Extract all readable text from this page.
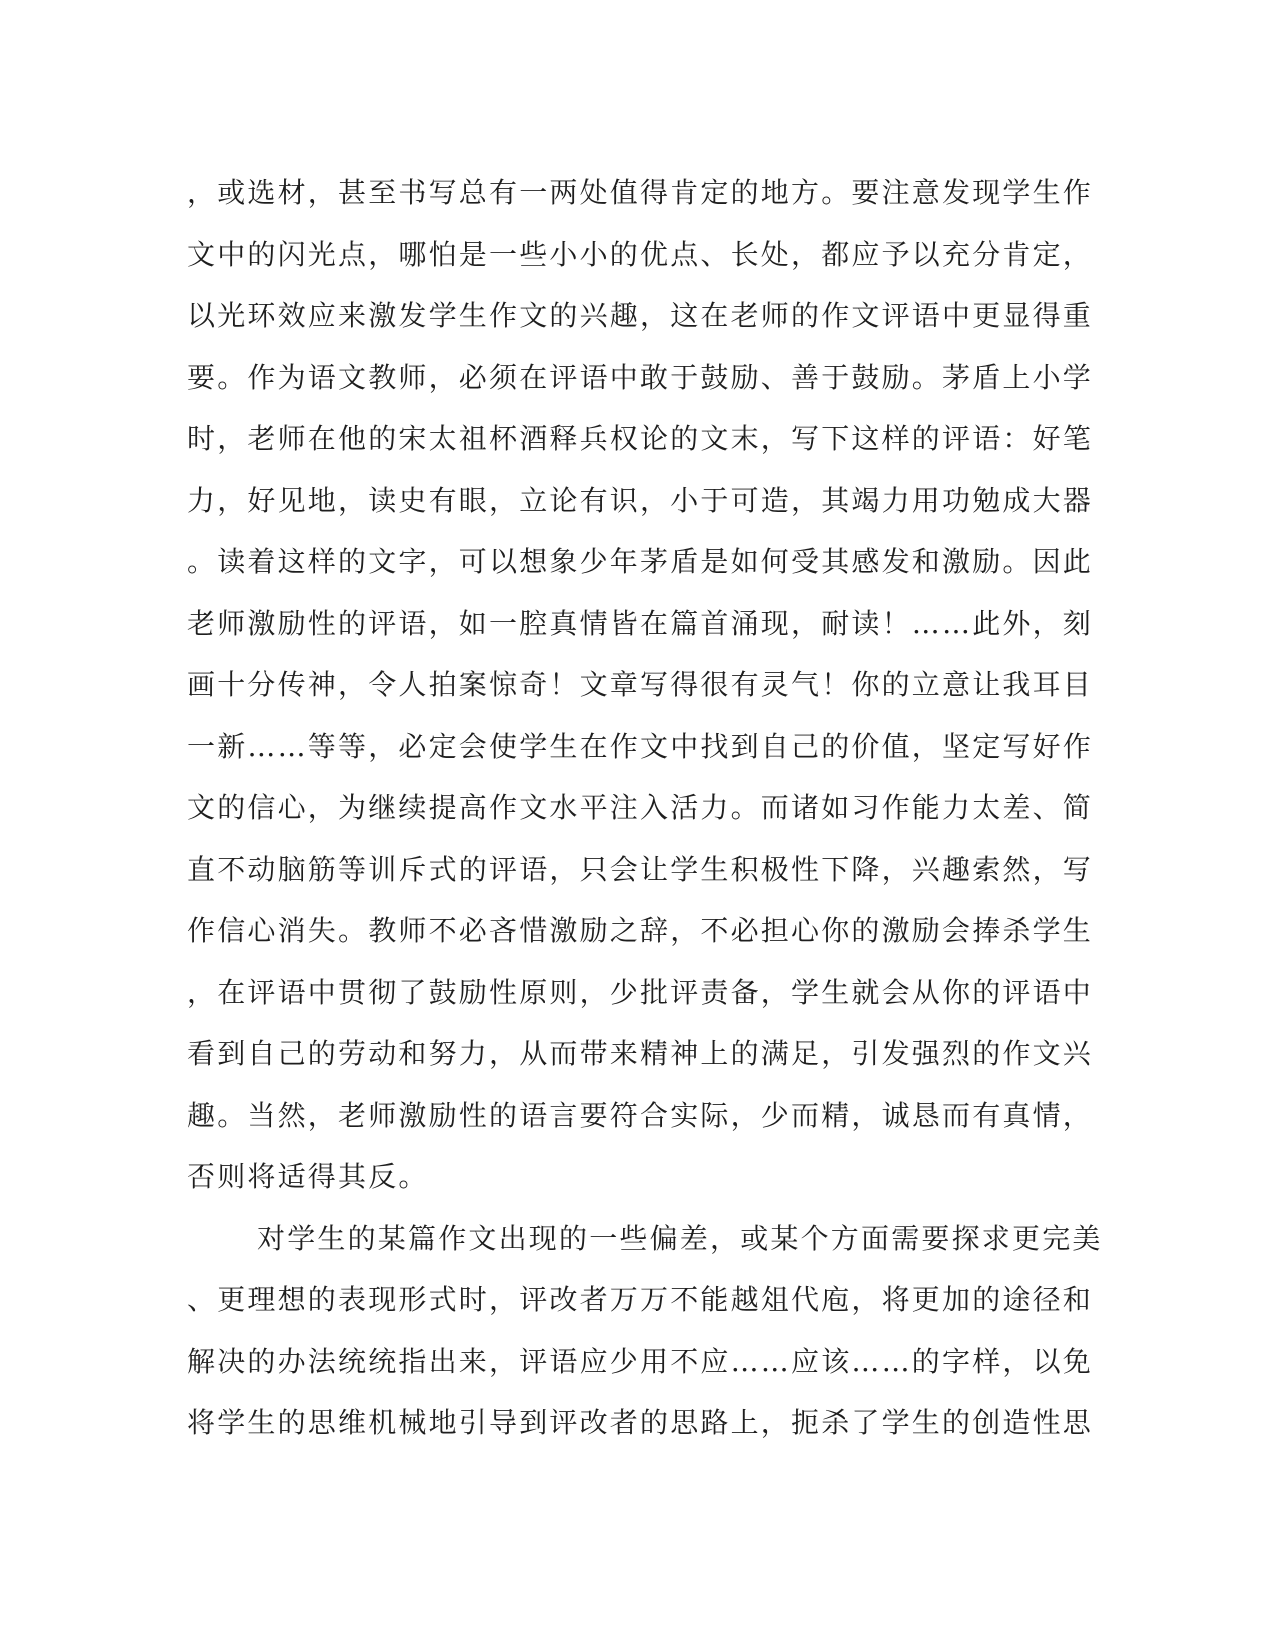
，或选材，甚至书写总有一两处值得肯定的地方。要注意发现学生作
文中的闪光点，哪怕是一些小小的优点、长处，都应予以充分肯定，
以光环效应来激发学生作文的兴趣，这在老师的作文评语中更显得重
要。作为语文教师，必须在评语中敢于鼓励、善于鼓励。茅盾上小学
时，老师在他的宋太祖杯酒释兵权论的文末，写下这样的评语：好笔
力，好见地，读史有眼，立论有识，小于可造，其竭力用功勉成大器
。读着这样的文字，可以想象少年茅盾是如何受其感发和激励。因此
老师激励性的评语，如一腔真情皆在篇首涌现，耐读！……此外，刻
画十分传神，令人拍案惊奇！文章写得很有灵气！你的立意让我耳目
一新……等等，必定会使学生在作文中找到自己的价值，坚定写好作
文的信心，为继续提高作文水平注入活力。而诸如习作能力太差、简
直不动脑筋等训斥式的评语，只会让学生积极性下降，兴趣索然，写
作信心消失。教师不必吝惜激励之辞，不必担心你的激励会捧杀学生
，在评语中贯彻了鼓励性原则，少批评责备，学生就会从你的评语中
看到自己的劳动和努力，从而带来精神上的满足，引发强烈的作文兴
趣。当然，老师激励性的语言要符合实际，少而精，诚恳而有真情，
否则将适得其反。
对学生的某篇作文出现的一些偏差，或某个方面需要探求更完美
、更理想的表现形式时，评改者万万不能越俎代庖，将更加的途径和
解决的办法统统指出来，评语应少用不应……应该……的字样，以免
将学生的思维机械地引导到评改者的思路上，扼杀了学生的创造性思
